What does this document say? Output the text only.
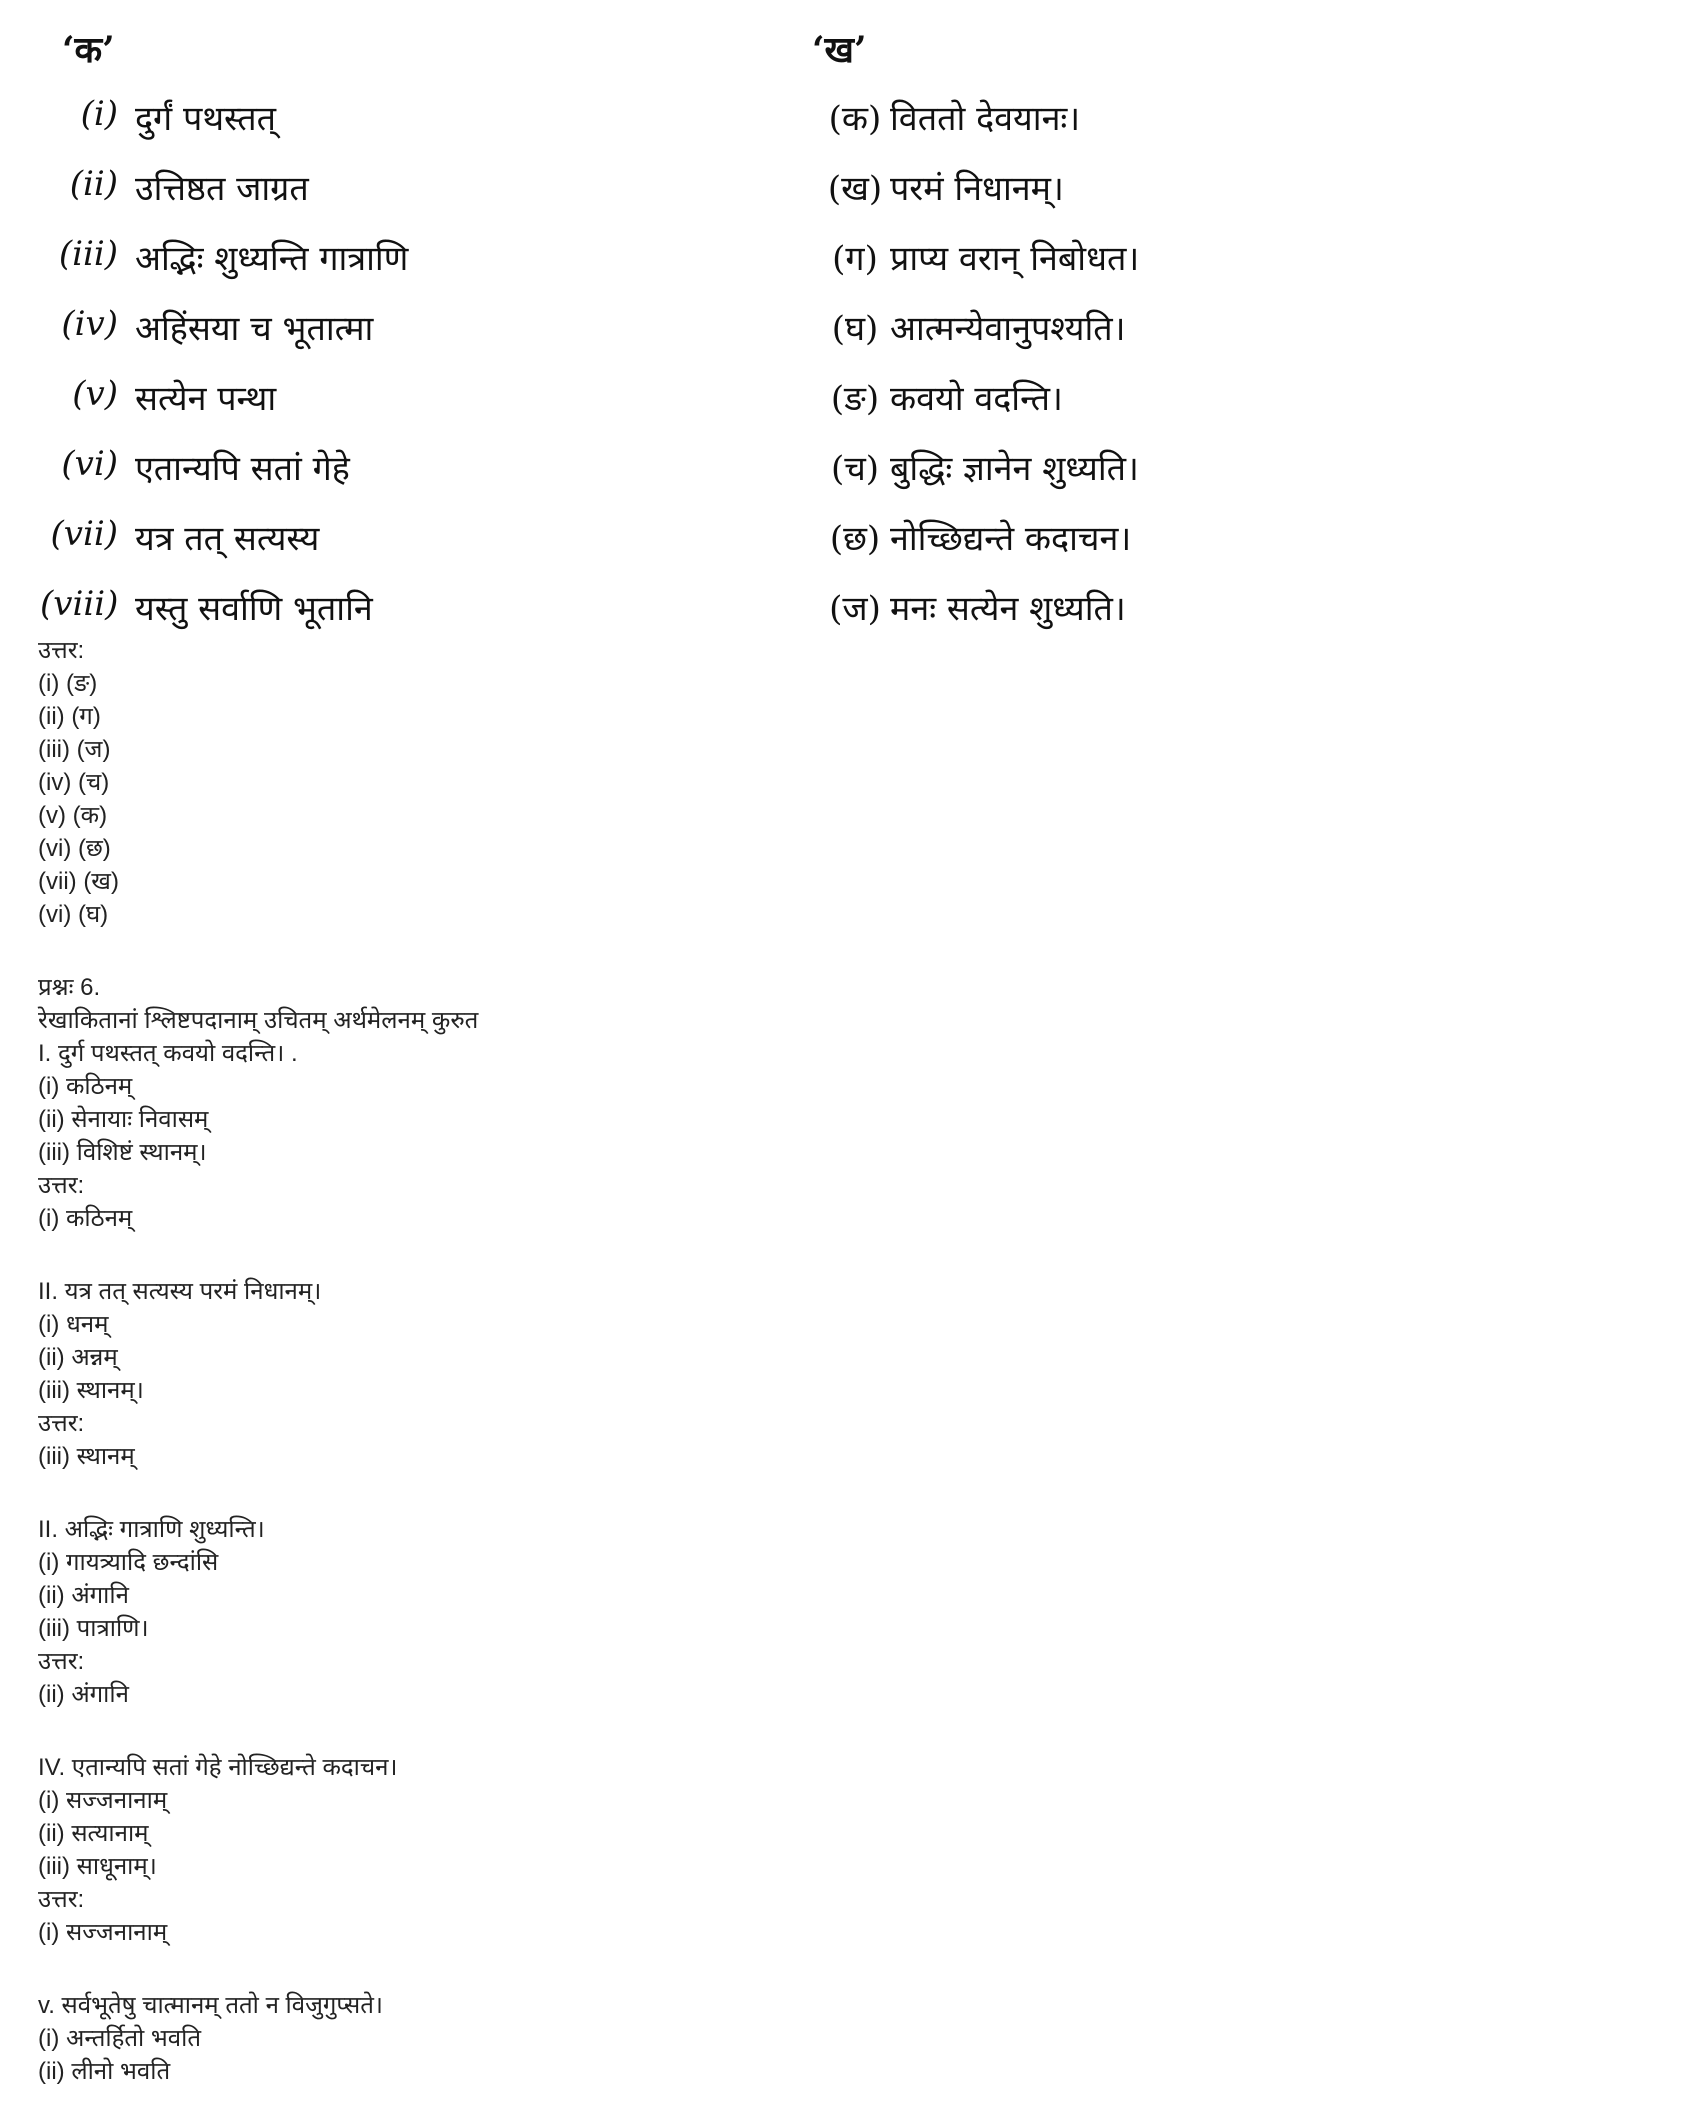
‘क’	‘ख’
(i) दुर्गं पथस्तत्	(क) विततो देवयानः।
(ii) उत्तिष्ठत जाग्रत	(ख) परमं निधानम्।
(iii) अद्भिः शुध्यन्ति गात्राणि	(ग) प्राप्य वरान् निबोधत।
(iv) अहिंसया च भूतात्मा	(घ) आत्मन्येवानुपश्यति।
(v) सत्येन पन्था	(ङ) कवयो वदन्ति।
(vi) एतान्यपि सतां गेहे	(च) बुद्धिः ज्ञानेन शुध्यति।
(vii) यत्र तत् सत्यस्य	(छ) नोच्छिद्यन्ते कदाचन।
(viii) यस्तु सर्वाणि भूतानि	(ज) मनः सत्येन शुध्यति।
उत्तर:
(i) (ङ)
(ii) (ग)
(iii) (ज)
(iv) (च)
(v) (क)
(vi) (छ)
(vii) (ख)
(vi) (घ)
प्रश्नः 6.
रेखाकितानां श्लिष्टपदानाम् उचितम् अर्थमेलनम् कुरुत
I. दुर्ग पथस्तत् कवयो वदन्ति। .
(i) कठिनम्
(ii) सेनायाः निवासम्
(iii) विशिष्टं स्थानम्।
उत्तर:
(i) कठिनम्
II. यत्र तत् सत्यस्य परमं निधानम्।
(i) धनम्
(ii) अन्नम्
(iii) स्थानम्।
उत्तर:
(iii) स्थानम्
II. अद्भिः गात्राणि शुध्यन्ति।
(i) गायत्र्यादि छन्दांसि
(ii) अंगानि
(iii) पात्राणि।
उत्तर:
(ii) अंगानि
IV. एतान्यपि सतां गेहे नोच्छिद्यन्ते कदाचन।
(i) सज्जनानाम्
(ii) सत्यानाम्
(iii) साधूनाम्।
उत्तर:
(i) सज्जनानाम्
v. सर्वभूतेषु चात्मानम् ततो न विजुगुप्सते।
(i) अन्तर्हितो भवति
(ii) लीनो भवति
